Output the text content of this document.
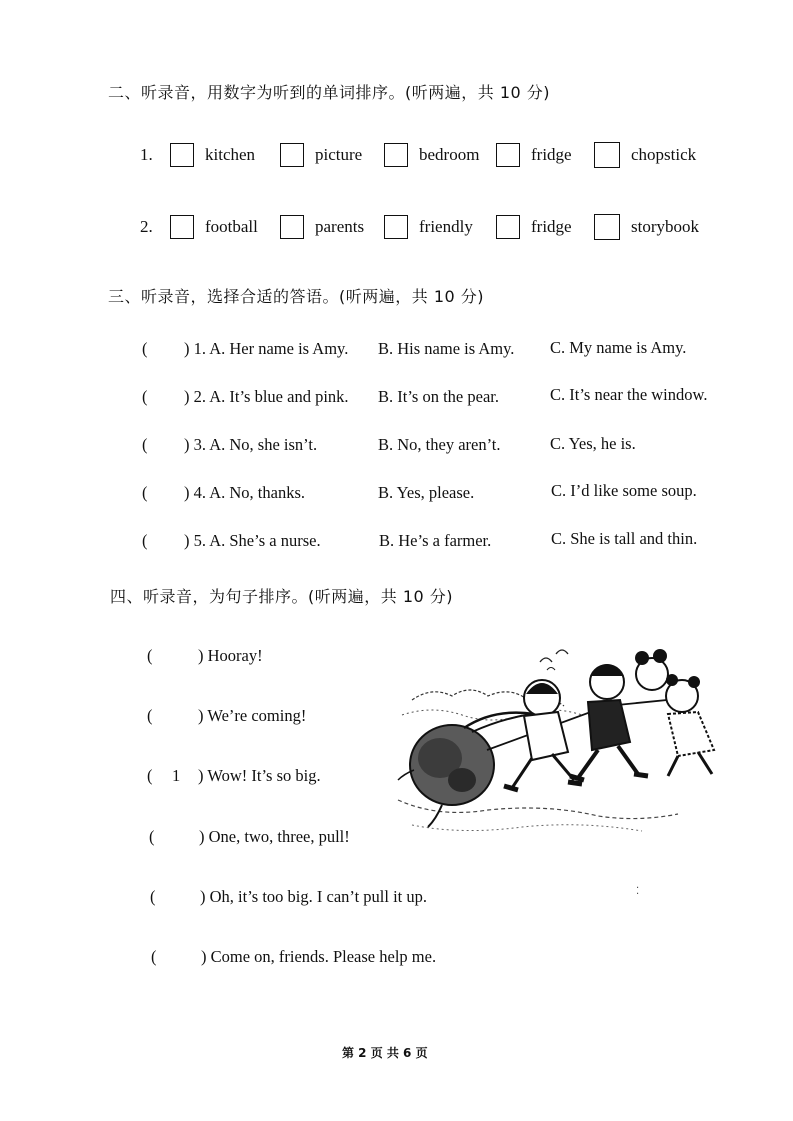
二、听录音，用数字为听到的单词排序。(听两遍，共 10 分)
1.	kitchen	picture	bedroom	fridge	chopstick
2.	football	parents	friendly	fridge	storybook
三、听录音，选择合适的答语。(听两遍，共 10 分)
( ) 1. A. Her name is Amy. B. His name is Amy. C. My name is Amy.
( ) 2. A. It’s blue and pink. B. It’s on the pear.	C. It’s near the window.
( ) 3. A. No, she isn’t.	B. No, they aren’t.	C. Yes, he is.
( ) 4. A. No, thanks.	B. Yes, please.	C. I’d like some soup.
( ) 5. A. She’s a nurse.	B. He’s a farmer.	C. She is tall and thin.
四、听录音，为句子排序。(听两遍，共 10 分)
(	) Hooray!
(	) We’re coming!
( 1 ) Wow! It’s so big.
(	) One, two, three, pull!
(	) Oh, it’s too big. I can’t pull it up.
(	) Come on, friends. Please help me.
⁚
第 2 页 共 6 页
